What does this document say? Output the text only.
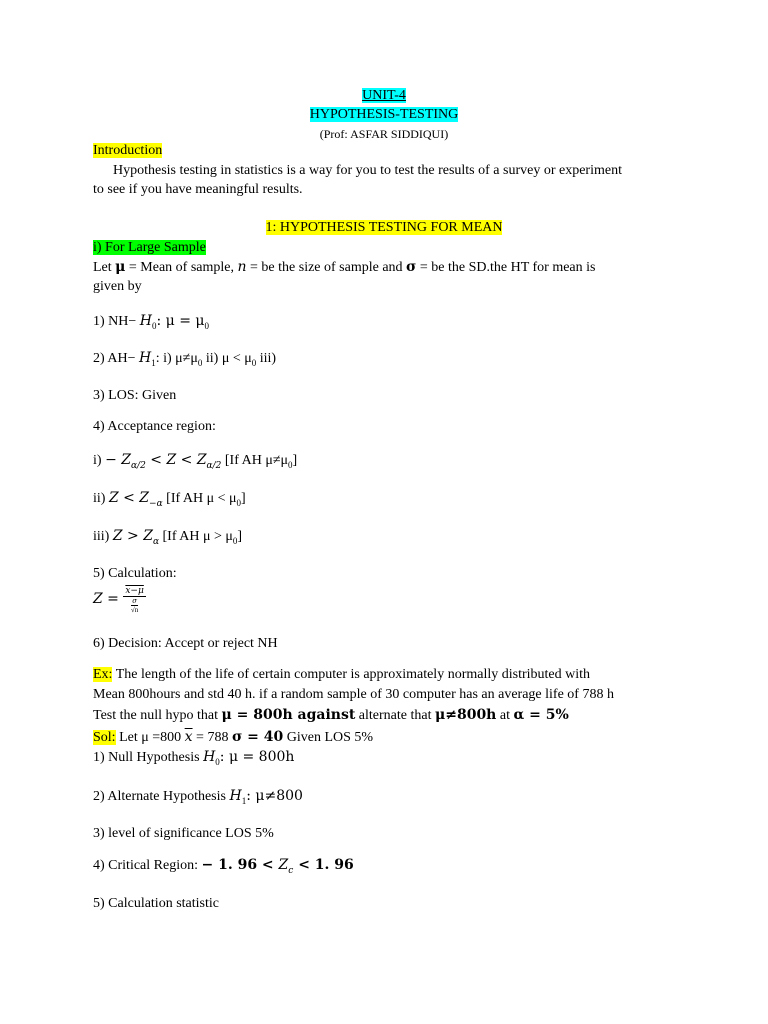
UNIT-4
HYPOTHESIS-TESTING
(Prof: ASFAR SIDDIQUI)
Introduction
Hypothesis testing in statistics is a way for you to test the results of a survey or experiment
to see if you have meaningful results.
1: HYPOTHESIS TESTING FOR MEAN
i) For Large Sample
Let μ = Mean of sample, n = be the size of sample and σ = be the SD.the HT for mean is
given by
1) $NH- H_0$: $\mu = \mu_0$
2) $AH- H_1$: i) $\mu\ne\mu_0$ ii) $\mu < \mu_0$ iii)
3) LOS: Given
4) Acceptance region:
$i) - Z_{\alpha/2} < Z < Z_{\alpha/2}$ [If AH $\mu\ne\mu_0$]
ii) $Z < Z_{-\alpha}$ [If AH $\mu < \mu_0$]
iii) $Z > Z_\alpha$ [If AH $\mu > \mu_0$]
5) Calculation:
$Z = \frac{x-\mu}{\frac{\sigma}{√n}}$
6) Decision: Accept or reject NH
Ex: The length of the life of certain computer is approximately normally distributed with
Mean 800hours and std 40 h. if a random sample of 30 computer has an average life of 788 h
Test the null hypo that μ = 800h against alternate that μ≠800h at α = 5%
Sol: Let μ =800 $\overline{x} = 788$ σ = 40 Given LOS 5%
1) Null Hypothesis $H_0$: μ = 800h
2) Alternate Hypothesis $H_1$: μ≠800
3) level of significance LOS 5%
4) Critical Region: − 1. $96 < Z_c < 1$. 96
5) Calculation statistic
